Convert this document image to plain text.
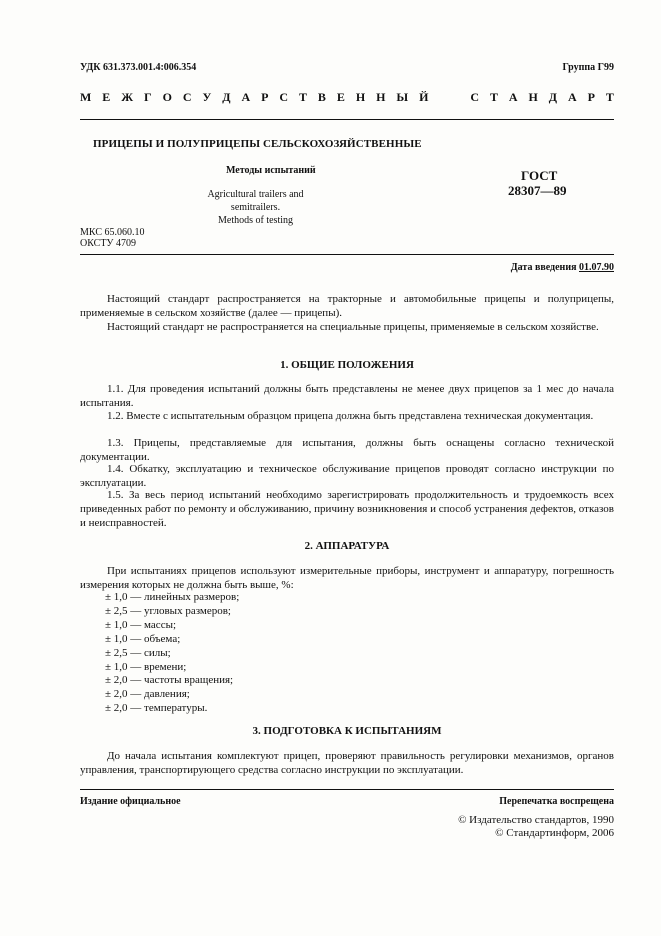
УДК 631.373.001.4:006.354	Группа Г99
М Е Ж Г О С У Д А Р С Т В Е Н Н Ы Й	С Т А Н Д А Р Т
ПРИЦЕПЫ И ПОЛУПРИЦЕПЫ СЕЛЬСКОХОЗЯЙСТВЕННЫЕ
Методы испытаний
Agricultural trailers and semitrailers.
Methods of testing
ГОСТ
28307—89
МКС 65.060.10
ОКСТУ 4709
Дата введения 01.07.90
Настоящий стандарт распространяется на тракторные и автомобильные прицепы и полуприцепы, применяемые в сельском хозяйстве (далее — прицепы).
Настоящий стандарт не распространяется на специальные прицепы, применяемые в сельском хозяйстве.
1. ОБЩИЕ ПОЛОЖЕНИЯ
1.1. Для проведения испытаний должны быть представлены не менее двух прицепов за 1 мес до начала испытания.
1.2. Вместе с испытательным образцом прицепа должна быть представлена техническая документация.
1.3. Прицепы, представляемые для испытания, должны быть оснащены согласно технической документации.
1.4. Обкатку, эксплуатацию и техническое обслуживание прицепов проводят согласно инструкции по эксплуатации.
1.5. За весь период испытаний необходимо зарегистрировать продолжительность и трудоемкость всех приведенных работ по ремонту и обслуживанию, причину возникновения и способ устранения дефектов, отказов и неисправностей.
2. АППАРАТУРА
При испытаниях прицепов используют измерительные приборы, инструмент и аппаратуру, погрешность измерения которых не должна быть выше, %:
± 1,0 — линейных размеров;
± 2,5 — угловых размеров;
± 1,0 — массы;
± 1,0 — объема;
± 2,5 — силы;
± 1,0 — времени;
± 2,0 — частоты вращения;
± 2,0 — давления;
± 2,0 — температуры.
3. ПОДГОТОВКА К ИСПЫТАНИЯМ
До начала испытания комплектуют прицеп, проверяют правильность регулировки механизмов, органов управления, транспортирующего средства согласно инструкции по эксплуатации.
Издание официальное	Перепечатка воспрещена
© Издательство стандартов, 1990
© Стандартинформ, 2006
